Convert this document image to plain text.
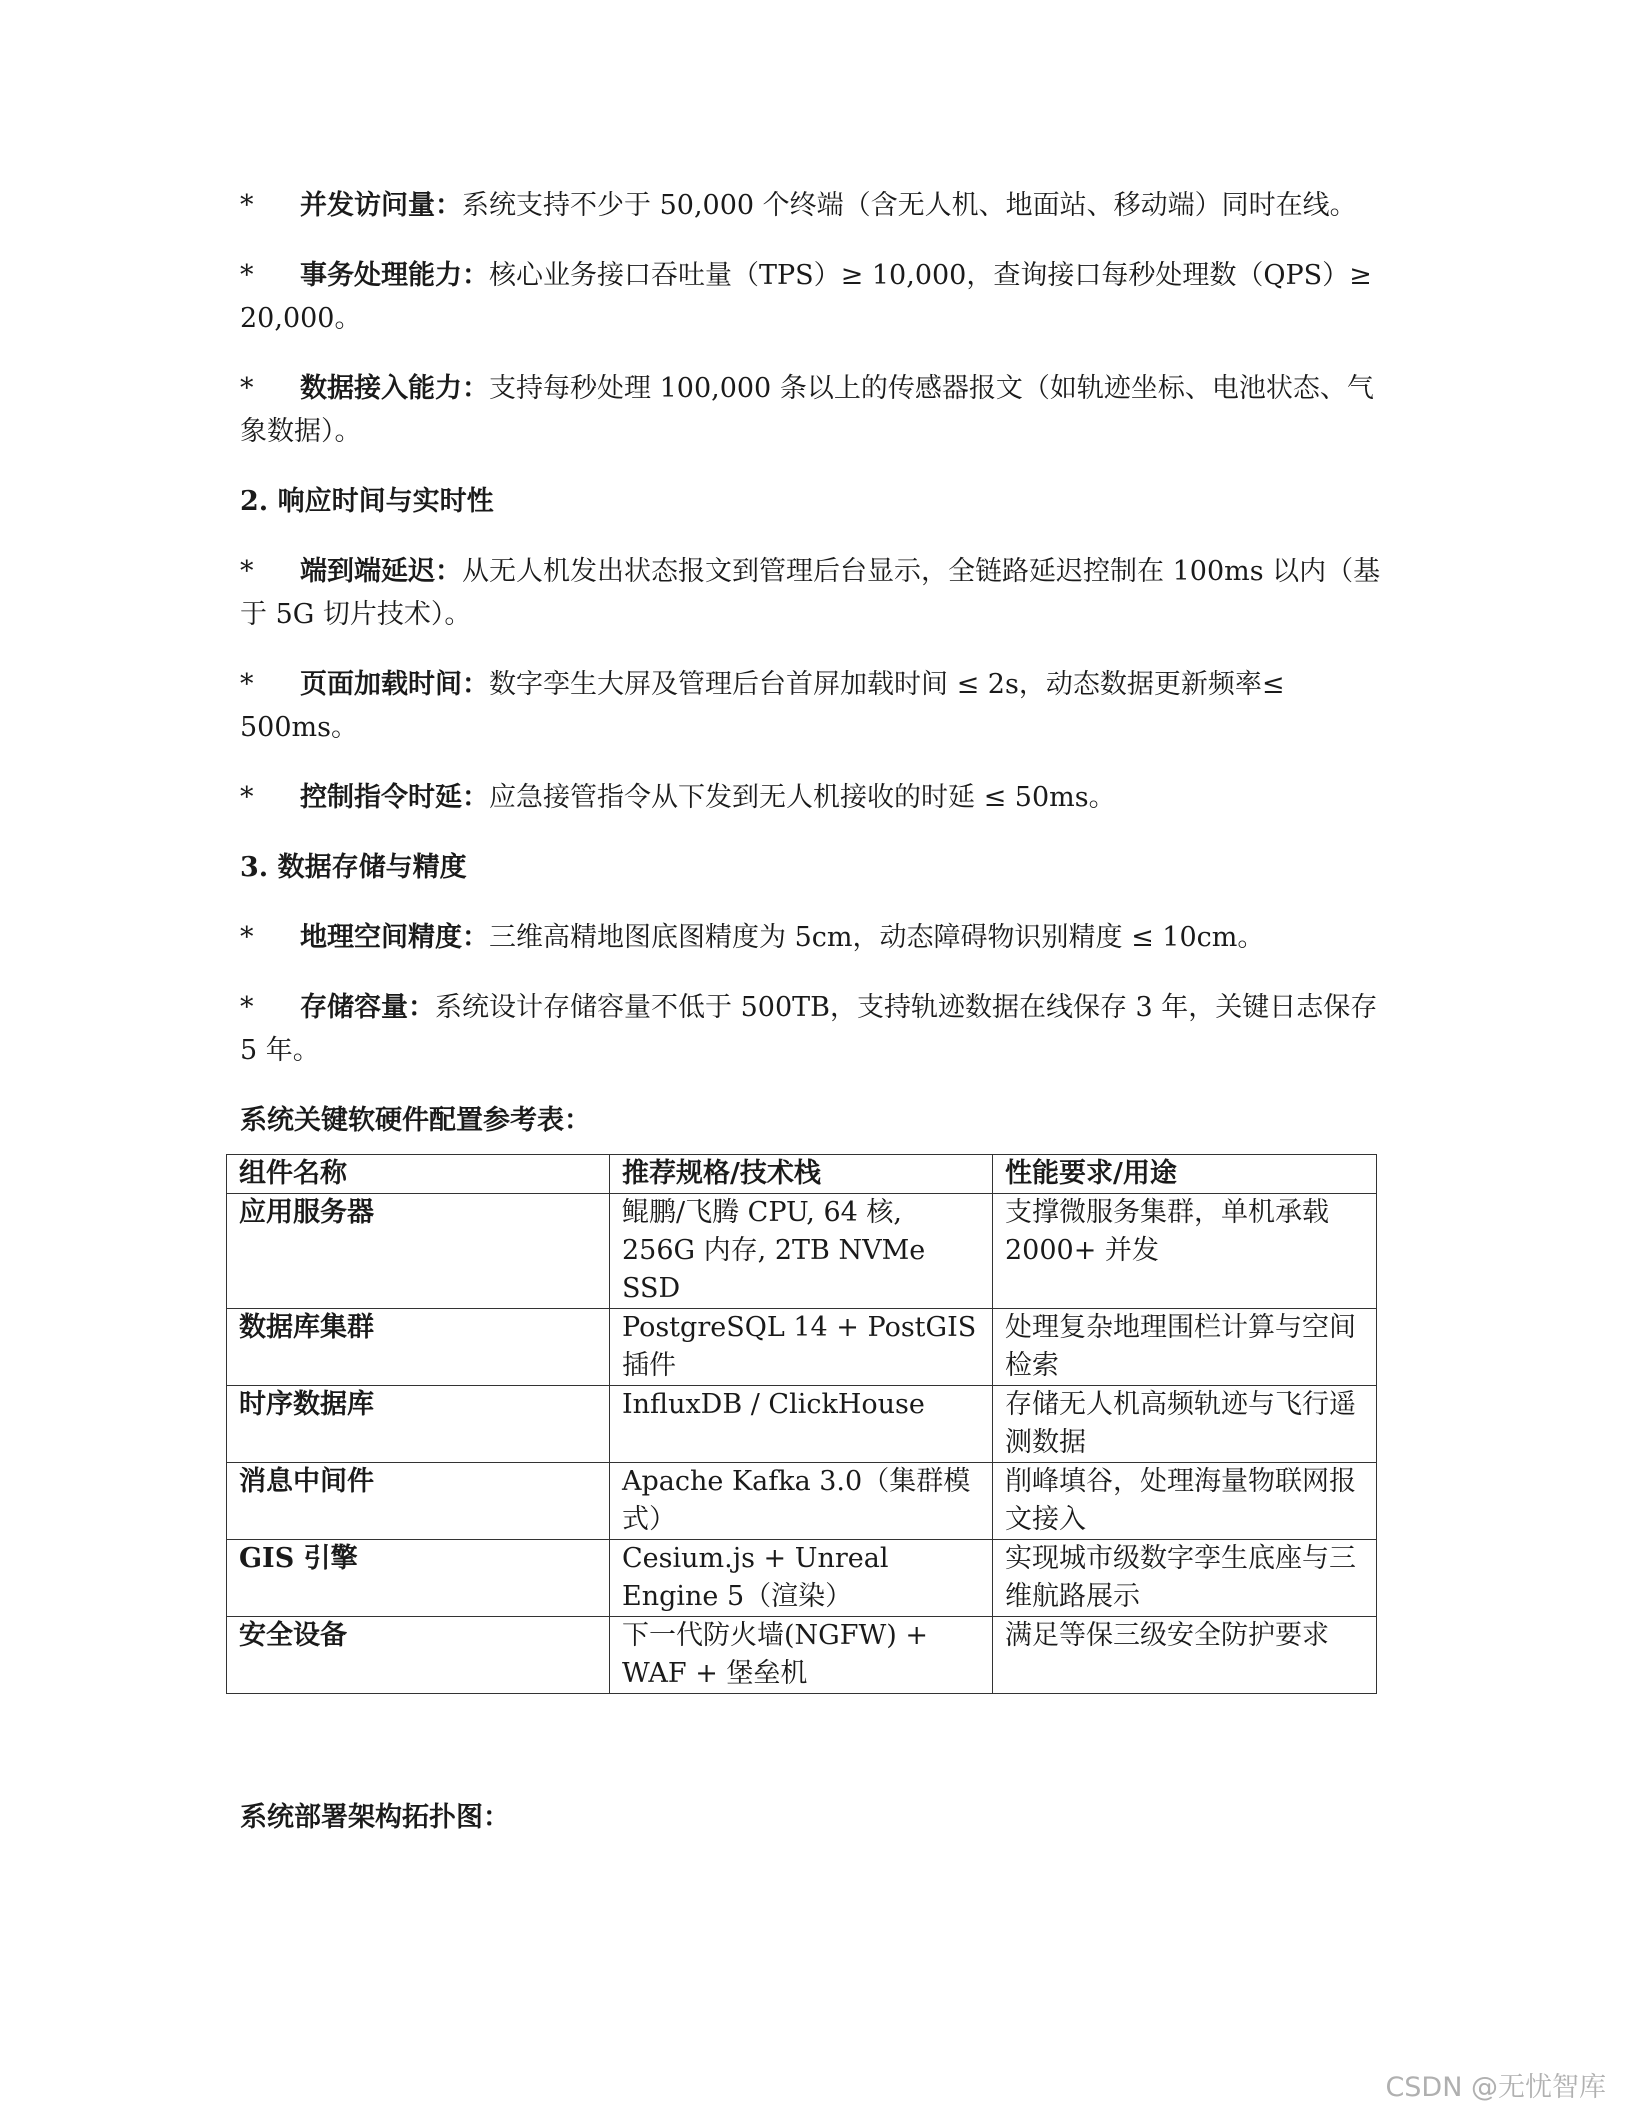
* 并发访问量：系统支持不少于 50,000 个终端（含无人机、地面站、移动端）同时在线。

* 事务处理能力：核心业务接口吞吐量（TPS）≥ 10,000，查询接口每秒处理数（QPS）≥ 20,000。

* 数据接入能力：支持每秒处理 100,000 条以上的传感器报文（如轨迹坐标、电池状态、气象数据）。

2. 响应时间与实时性

* 端到端延迟：从无人机发出状态报文到管理后台显示，全链路延迟控制在 100ms 以内（基于 5G 切片技术）。

* 页面加载时间：数字孪生大屏及管理后台首屏加载时间 ≤ 2s，动态数据更新频率≤ 500ms。

* 控制指令时延：应急接管指令从下发到无人机接收的时延 ≤ 50ms。

3. 数据存储与精度

* 地理空间精度：三维高精地图底图精度为 5cm，动态障碍物识别精度 ≤ 10cm。

* 存储容量：系统设计存储容量不低于 500TB，支持轨迹数据在线保存 3 年，关键日志保存 5 年。

系统关键软硬件配置参考表：
组件名称	推荐规格/技术栈	性能要求/用途
应用服务器	鲲鹏/飞腾 CPU, 64 核, 256G 内存, 2TB NVMe SSD	支撑微服务集群，单机承载 2000+ 并发
数据库集群	PostgreSQL 14 + PostGIS 插件	处理复杂地理围栏计算与空间检索
时序数据库	InfluxDB / ClickHouse	存储无人机高频轨迹与飞行遥测数据
消息中间件	Apache Kafka 3.0（集群模式）	削峰填谷，处理海量物联网报文接入
GIS 引擎	Cesium.js + Unreal Engine 5（渲染）	实现城市级数字孪生底座与三维航路展示
安全设备	下一代防火墙(NGFW) + WAF + 堡垒机	满足等保三级安全防护要求
系统部署架构拓扑图：
CSDN @无忧智库
